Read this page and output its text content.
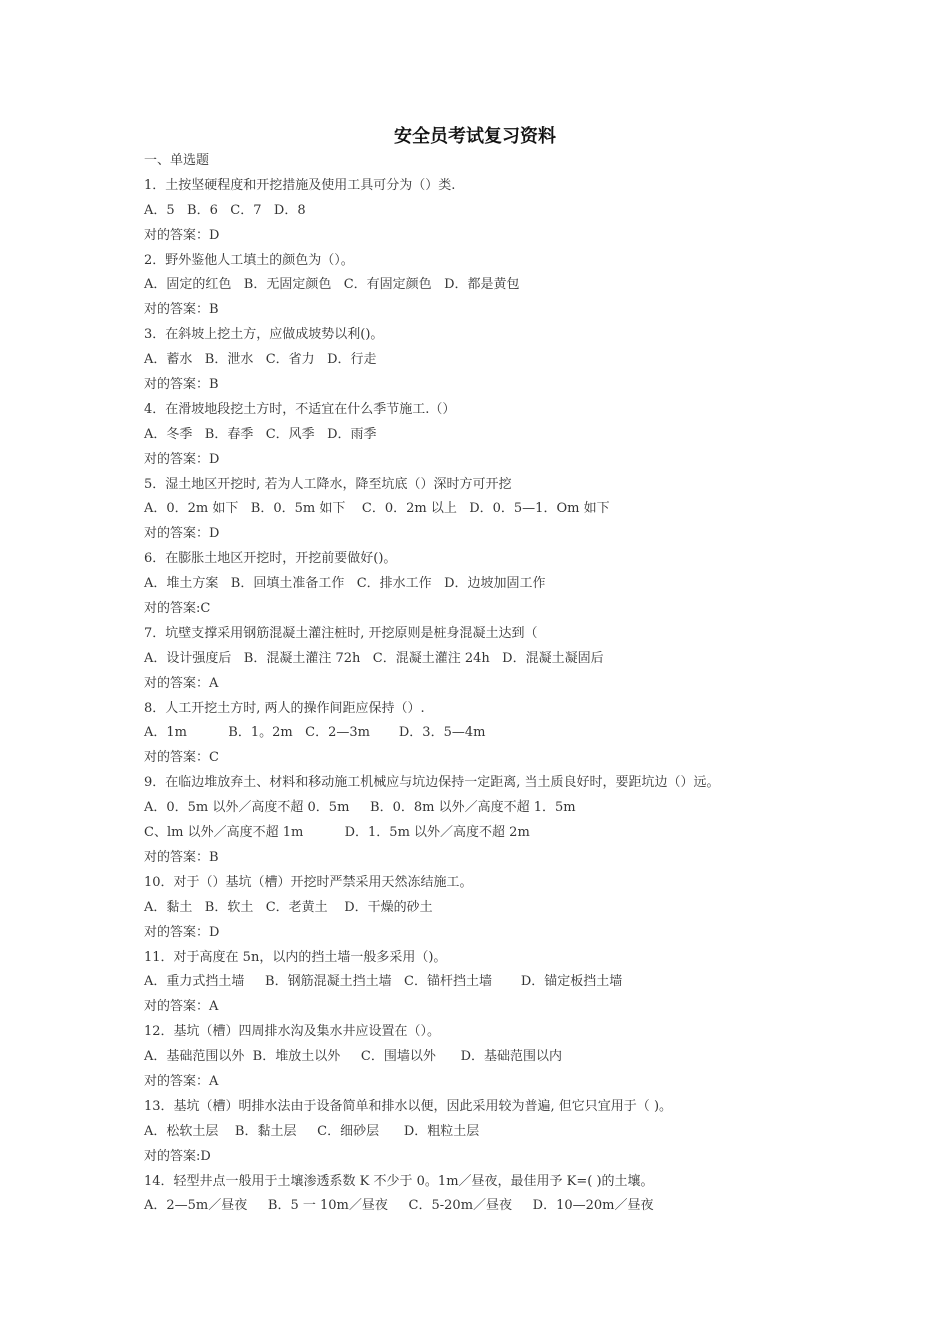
安全员考试复习资料
一、单选题
1．土按坚硬程度和开挖措施及使用工具可分为（）类.
A．5   B．6   C．7   D．8
对的答案：D
2．野外鉴他人工填土的颜色为（）。
A．固定的红色   B．无固定颜色   C．有固定颜色   D．都是黄包
对的答案：B
3．在斜坡上挖土方，应做成坡势以利()。
A．蓄水   B．泄水   C．省力   D．行走
对的答案：B
4．在滑坡地段挖土方时，不适宜在什么季节施工.（）
A．冬季   B．春季   C．风季   D．雨季
对的答案：D
5．湿土地区开挖时, 若为人工降水，降至坑底（）深时方可开挖
A．0．2m 如下   B．0．5m 如下    C．0．2m 以上   D．0．5—1．Om 如下
对的答案：D
6．在膨胀土地区开挖时，开挖前要做好()。
A．堆土方案   B．回填土准备工作   C．排水工作   D．边坡加固工作
对的答案:C
7．坑壁支撑采用钢筋混凝土灌注桩时, 开挖原则是桩身混凝土达到（
A．设计强度后   B．混凝土灌注 72h   C．混凝土灌注 24h   D．混凝土凝固后
对的答案：A
8．人工开挖土方时, 两人的操作间距应保持（）.
A．1m          B．1。2m   C．2—3m       D．3．5—4m
对的答案：C
9．在临边堆放弃土、材料和移动施工机械应与坑边保持一定距离, 当土质良好时，要距坑边（）远。
A．0．5m 以外／高度不超 0．5m     B．0．8m 以外／高度不超 1．5m
C、lm 以外／高度不超 1m          D．1．5m 以外／高度不超 2m
对的答案：B
10．对于（）基坑（槽）开挖时严禁采用天然冻结施工。
A．黏土   B．软土   C．老黄土    D．干燥的砂土
对的答案：D
11．对于高度在 5n，以内的挡土墙一般多采用（)。
A．重力式挡土墙     B．钢筋混凝土挡土墙   C．锚杆挡土墙       D．锚定板挡土墙
对的答案：A
12．基坑（槽）四周排水沟及集水井应设置在（）。
A．基础范围以外  B．堆放土以外     C．围墙以外      D．基础范围以内
对的答案：A
13．基坑（槽）明排水法由于设备简单和排水以便，因此采用较为普遍, 但它只宜用于（ )。
A．松软土层    B．黏土层     C．细砂层      D．粗粒土层
对的答案:D
14．轻型井点一般用于土壤渗透系数 K 不少于 0。1m／昼夜，最佳用予 K=( )的土壤。
A．2—5m／昼夜     B．5 一 10m／昼夜     C．5-20m／昼夜     D．10—20m／昼夜
